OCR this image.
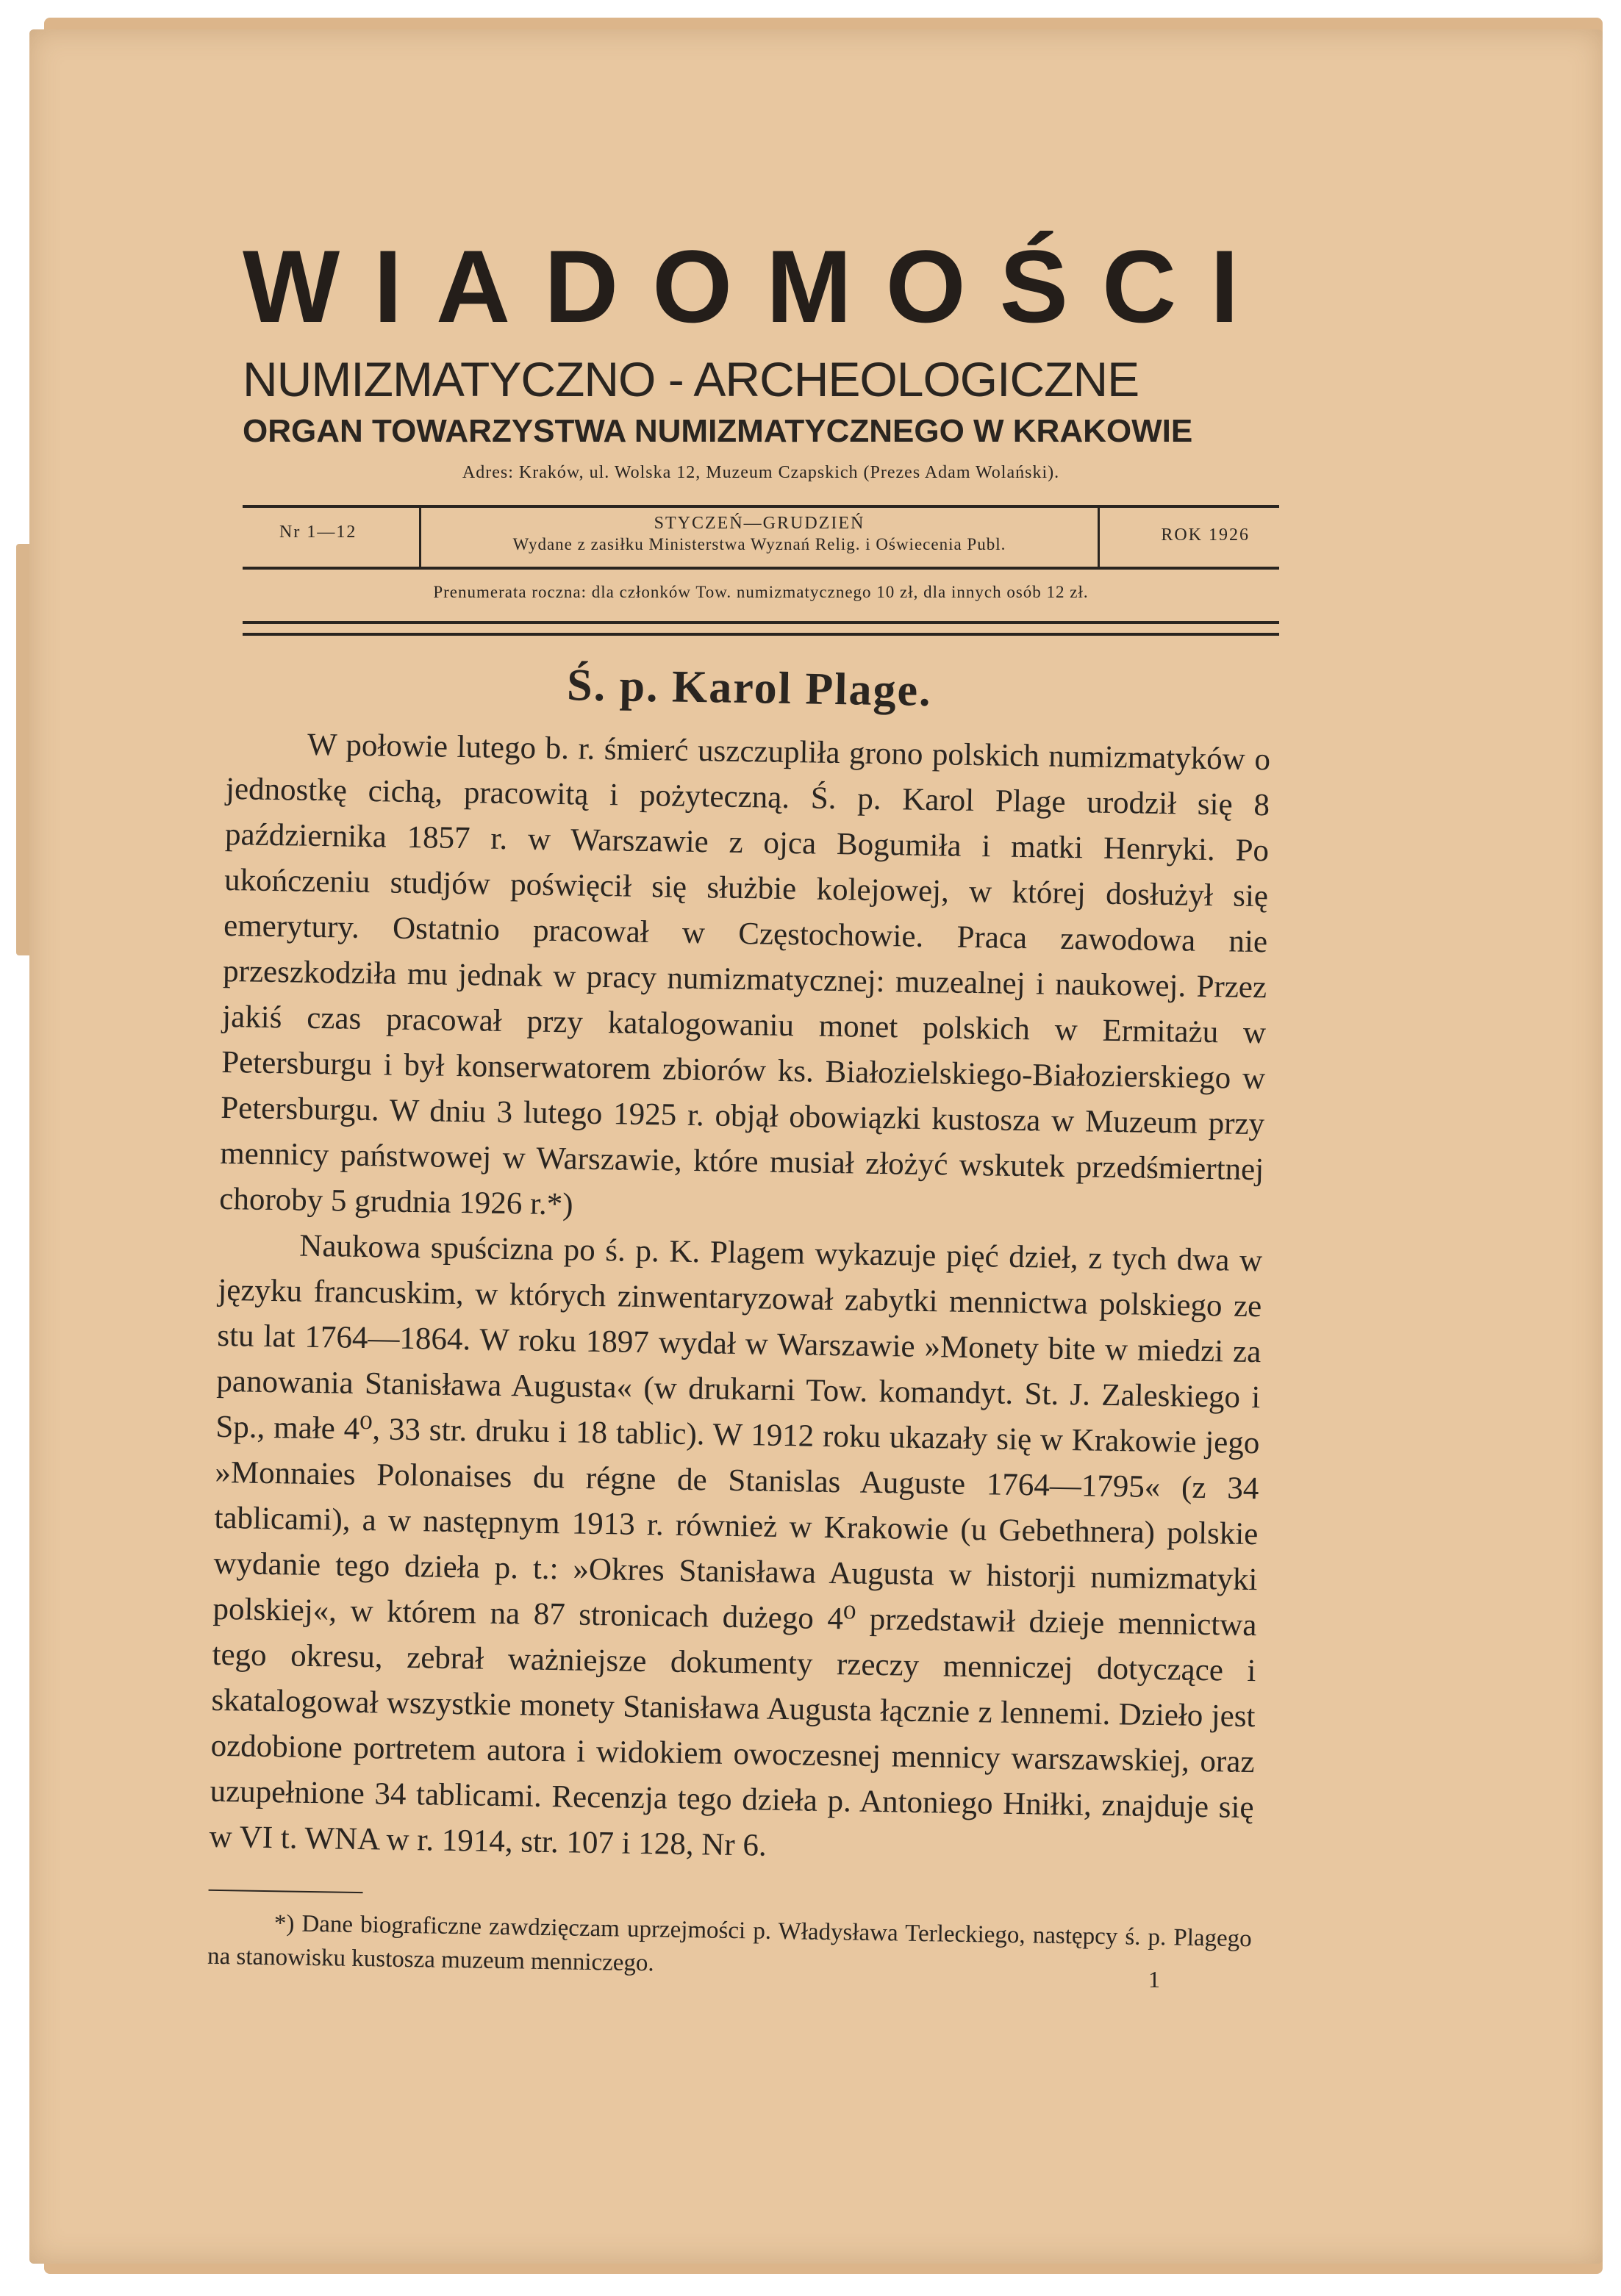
WIADOMOŚCI
NUMIZMATYCZNO - ARCHEOLOGICZNE
ORGAN TOWARZYSTWA NUMIZMATYCZNEGO W KRAKOWIE
Adres: Kraków, ul. Wolska 12, Muzeum Czapskich (Prezes Adam Wolański).
Nr 1—12	STYCZEŃ—GRUDZIEŃ
Wydane z zasiłku Ministerstwa Wyznań Relig. i Oświecenia Publ.	ROK 1926
Prenumerata roczna: dla członków Tow. numizmatycznego 10 zł, dla innych osób 12 zł.
Ś. p. Karol Plage.

W połowie lutego b. r. śmierć uszczupliła grono polskich numizmatyków o jednostkę cichą, pracowitą i pożyteczną. Ś. p. Karol Plage urodził się 8 października 1857 r. w Warszawie z ojca Bogumiła i matki Henryki. Po ukończeniu studjów poświęcił się służbie kolejowej, w której dosłużył się emerytury. Ostatnio pracował w Częstochowie. Praca zawodowa nie przeszkodziła mu jednak w pracy numizmatycznej: muzealnej i naukowej. Przez jakiś czas pracował przy katalogowaniu monet polskich w Ermitażu w Petersburgu i był konserwatorem zbiorów ks. Białozielskiego-Białozierskiego w Petersburgu. W dniu 3 lutego 1925 r. objął obowiązki kustosza w Muzeum przy mennicy państwowej w Warszawie, które musiał złożyć wskutek przedśmiertnej choroby 5 grudnia 1926 r.*)

Naukowa spuścizna po ś. p. K. Plagem wykazuje pięć dzieł, z tych dwa w języku francuskim, w których zinwentaryzował zabytki mennictwa polskiego ze stu lat 1764—1864. W roku 1897 wydał w Warszawie »Monety bite w miedzi za panowania Stanisława Augusta« (w drukarni Tow. komandyt. St. J. Zaleskiego i Sp., małe 4⁰, 33 str. druku i 18 tablic). W 1912 roku ukazały się w Krakowie jego »Monnaies Polonaises du régne de Stanislas Auguste 1764—1795« (z 34 tablicami), a w następnym 1913 r. również w Krakowie (u Gebethnera) polskie wydanie tego dzieła p. t.: »Okres Stanisława Augusta w historji numizmatyki polskiej«, w którem na 87 stronicach dużego 4⁰ przedstawił dzieje mennictwa tego okresu, zebrał ważniejsze dokumenty rzeczy menniczej dotyczące i skatalogował wszystkie monety Stanisława Augusta łącznie z lennemi. Dzieło jest ozdobione portretem autora i widokiem owoczesnej mennicy warszawskiej, oraz uzupełnione 34 tablicami. Recenzja tego dzieła p. Antoniego Hniłki, znajduje się w VI t. WNA w r. 1914, str. 107 i 128, Nr 6.

*) Dane biograficzne zawdzięczam uprzejmości p. Władysława Terleckiego, następcy ś. p. Plagego na stanowisku kustosza muzeum menniczego.

1
